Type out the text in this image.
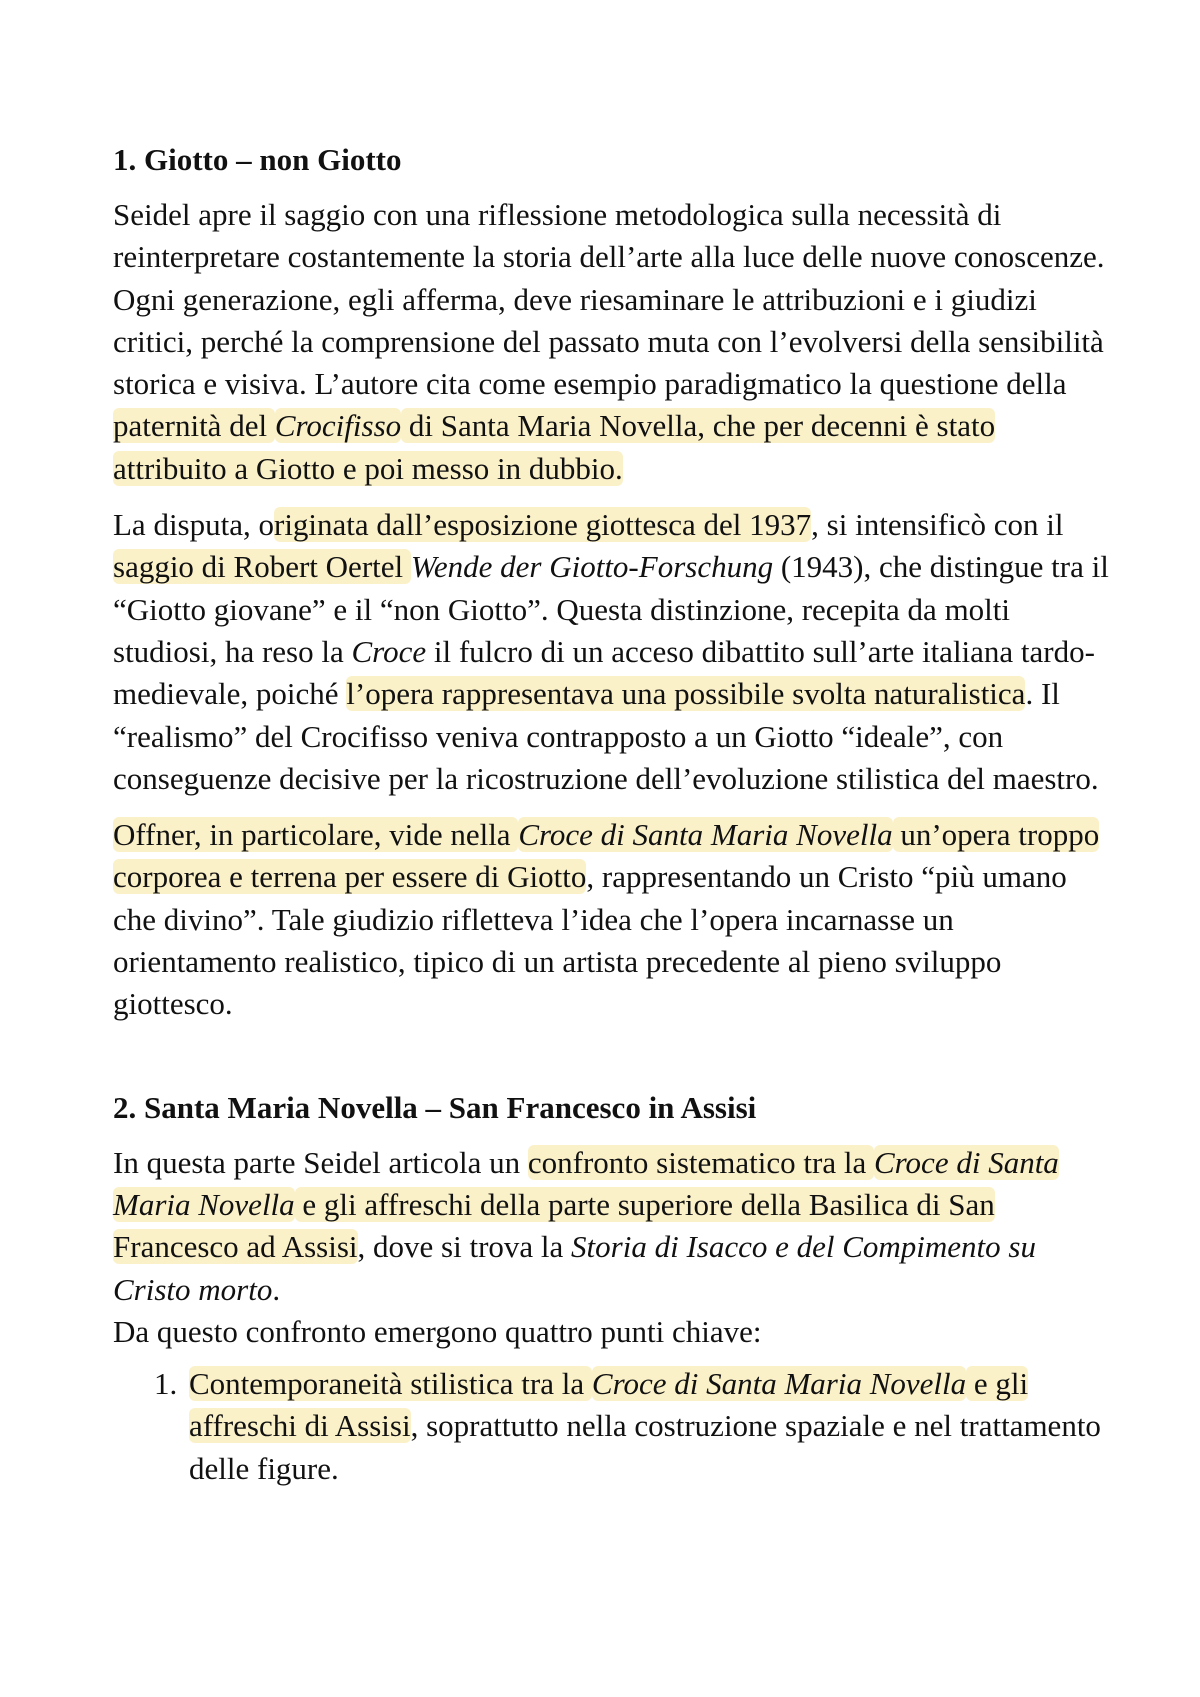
1. Giotto – non Giotto

Seidel apre il saggio con una riflessione metodologica sulla necessità di reinterpretare costantemente la storia dell’arte alla luce delle nuove conoscenze. Ogni generazione, egli afferma, deve riesaminare le attribuzioni e i giudizi critici, perché la comprensione del passato muta con l’evolversi della sensibilità storica e visiva. L’autore cita come esempio paradigmatico la questione della paternità del Crocifisso di Santa Maria Novella, che per decenni è stato attribuito a Giotto e poi messo in dubbio.

La disputa, originata dall’esposizione giottesca del 1937, si intensificò con il saggio di Robert Oertel Wende der Giotto-Forschung (1943), che distingue tra il “Giotto giovane” e il “non Giotto”. Questa distinzione, recepita da molti studiosi, ha reso la Croce il fulcro di un acceso dibattito sull’arte italiana tardo-medievale, poiché l’opera rappresentava una possibile svolta naturalistica. Il “realismo” del Crocifisso veniva contrapposto a un Giotto “ideale”, con conseguenze decisive per la ricostruzione dell’evoluzione stilistica del maestro.

Offner, in particolare, vide nella Croce di Santa Maria Novella un’opera troppo corporea e terrena per essere di Giotto, rappresentando un Cristo “più umano che divino”. Tale giudizio rifletteva l’idea che l’opera incarnasse un orientamento realistico, tipico di un artista precedente al pieno sviluppo giottesco.

2. Santa Maria Novella – San Francesco in Assisi

In questa parte Seidel articola un confronto sistematico tra la Croce di Santa Maria Novella e gli affreschi della parte superiore della Basilica di San Francesco ad Assisi, dove si trova la Storia di Isacco e del Compimento su Cristo morto.
Da questo confronto emergono quattro punti chiave:

1. Contemporaneità stilistica tra la Croce di Santa Maria Novella e gli affreschi di Assisi, soprattutto nella costruzione spaziale e nel trattamento delle figure.
